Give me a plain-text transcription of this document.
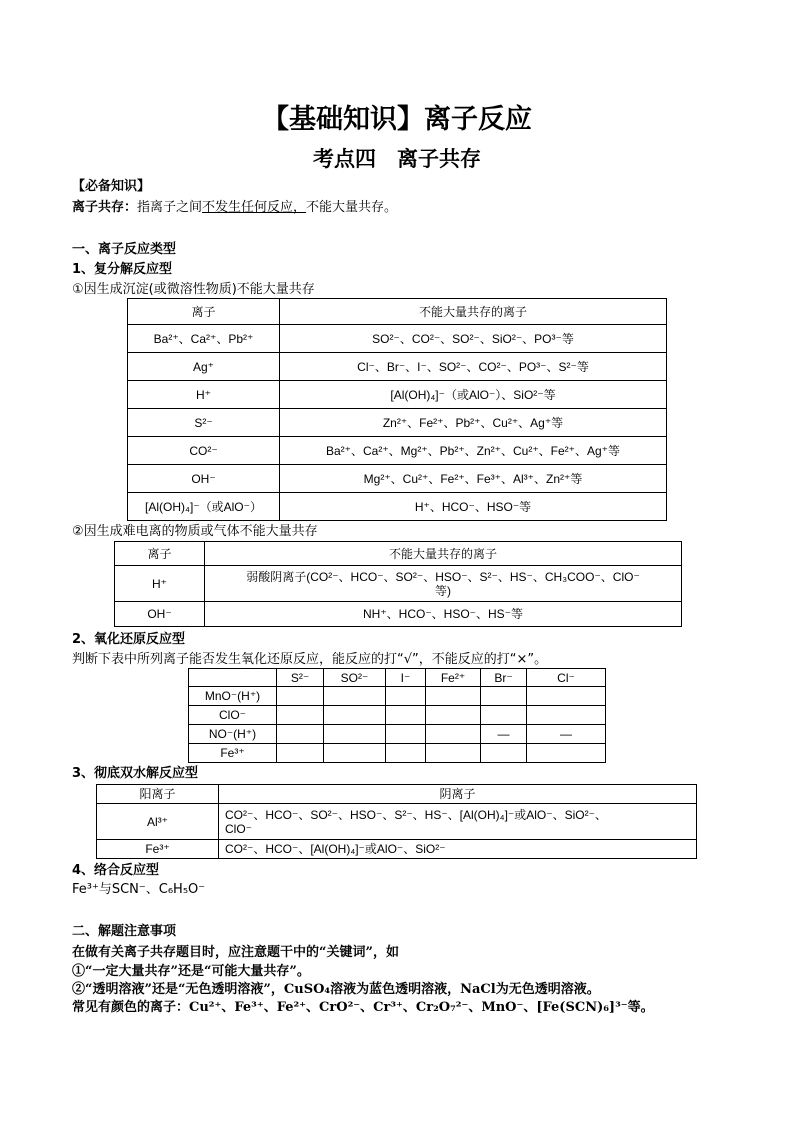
【基础知识】离子反应
考点四　离子共存
【必备知识】
离子共存：指离子之间不发生任何反应，不能大量共存。
一、离子反应类型
1、复分解反应型
①因生成沉淀(或微溶性物质)不能大量共存
离子	不能大量共存的离子
Ba²⁺、Ca²⁺、Pb²⁺	SO²⁻、CO²⁻、SO²⁻、SiO²⁻、PO³⁻等
Ag⁺	Cl⁻、Br⁻、I⁻、SO²⁻、CO²⁻、PO³⁻、S²⁻等
H⁺	[Al(OH)₄]⁻（或AlO⁻）、SiO²⁻等
S²⁻	Zn²⁺、Fe²⁺、Pb²⁺、Cu²⁺、Ag⁺等
CO²⁻	Ba²⁺、Ca²⁺、Mg²⁺、Pb²⁺、Zn²⁺、Cu²⁺、Fe²⁺、Ag⁺等
OH⁻	Mg²⁺、Cu²⁺、Fe²⁺、Fe³⁺、Al³⁺、Zn²⁺等
[Al(OH)₄]⁻（或AlO⁻）	H⁺、HCO⁻、HSO⁻等
②因生成难电离的物质或气体不能大量共存
离子	不能大量共存的离子
H⁺	弱酸阴离子(CO²⁻、HCO⁻、SO²⁻、HSO⁻、S²⁻、HS⁻、CH₃COO⁻、ClO⁻
等)

OH⁻	NH⁺、HCO⁻、HSO⁻、HS⁻等
2、氧化还原反应型
判断下表中所列离子能否发生氧化还原反应，能反应的打“√”，不能反应的打“×”。
	S²⁻	SO²⁻	I⁻	Fe²⁺	Br⁻	Cl⁻
MnO⁻(H⁺)						
ClO⁻						
NO⁻(H⁺)					—	—
Fe³⁺						
3、彻底双水解反应型
阳离子	阴离子
Al³⁺	CO²⁻、HCO⁻、SO²⁻、HSO⁻、S²⁻、HS⁻、[Al(OH)₄]⁻或AlO⁻、SiO²⁻、
ClO⁻

Fe³⁺	CO²⁻、HCO⁻、[Al(OH)₄]⁻或AlO⁻、SiO²⁻
4、络合反应型
Fe³⁺与SCN⁻、C₆H₅O⁻
二、解题注意事项
在做有关离子共存题目时，应注意题干中的“关键词”，如
①“一定大量共存”还是“可能大量共存”。
②“透明溶液”还是“无色透明溶液”，CuSO₄溶液为蓝色透明溶液，NaCl为无色透明溶液。
常见有颜色的离子：Cu²⁺、Fe³⁺、Fe²⁺、CrO²⁻、Cr³⁺、Cr₂O₇²⁻、MnO⁻、[Fe(SCN)₆]³⁻等。
